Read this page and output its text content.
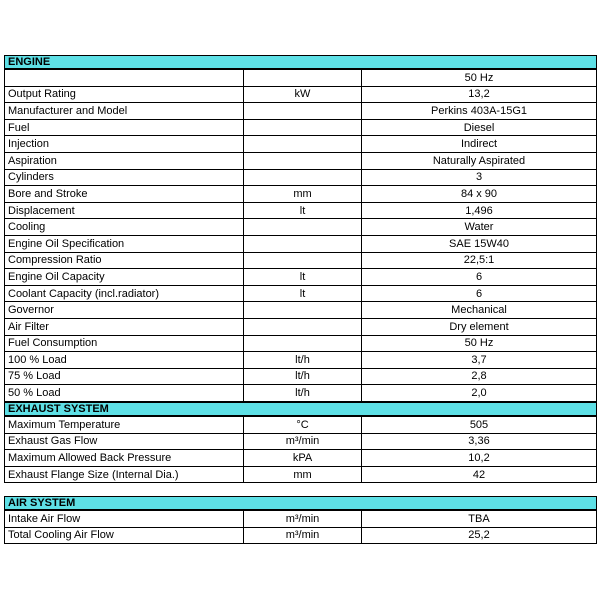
ENGINE
		50 Hz
Output Rating	kW	13,2
Manufacturer and Model		Perkins 403A-15G1
Fuel		Diesel
Injection		Indirect
Aspiration		Naturally Aspirated
Cylinders		3
Bore and Stroke	mm	84 x 90
Displacement	lt	1,496
Cooling		Water
Engine Oil Specification		SAE 15W40
Compression Ratio		22,5:1
Engine Oil Capacity	lt	6
Coolant Capacity (incl.radiator)	lt	6
Governor		Mechanical
Air Filter		Dry element
Fuel Consumption		50 Hz
100 % Load	lt/h	3,7
75 % Load	lt/h	2,8
50 % Load	lt/h	2,0
EXHAUST SYSTEM
Maximum Temperature	°C	505
Exhaust Gas Flow	m³/min	3,36
Maximum Allowed Back Pressure	kPA	10,2
Exhaust Flange Size (Internal Dia.)	mm	42
AIR SYSTEM
Intake Air Flow	m³/min	TBA
Total Cooling Air Flow	m³/min	25,2
